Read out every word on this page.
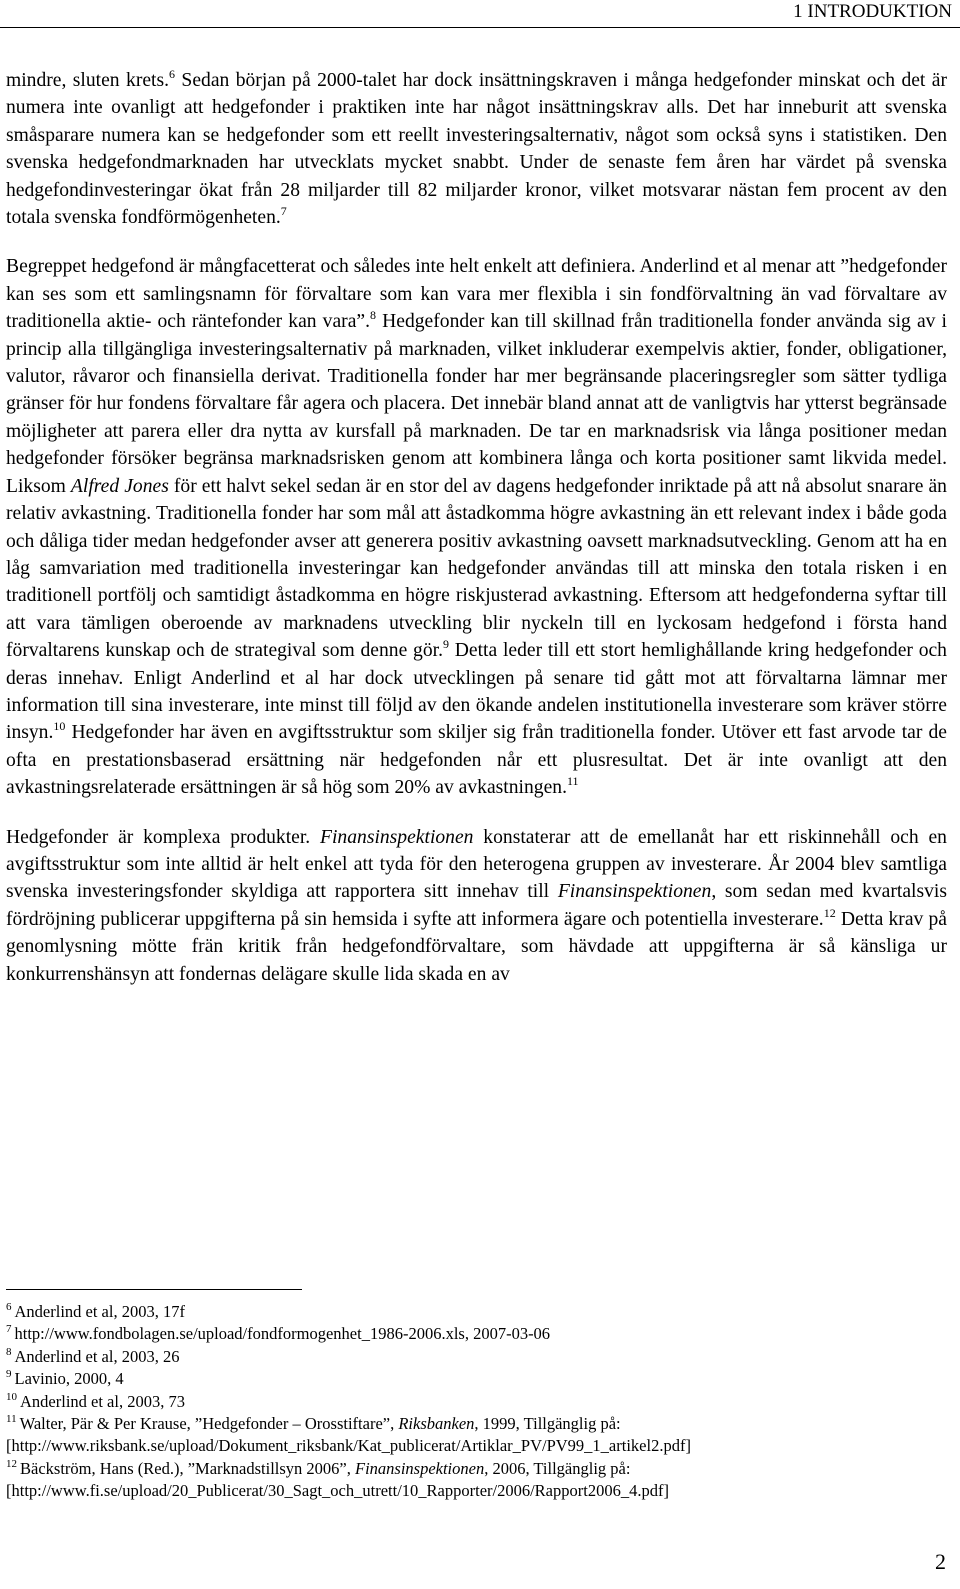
1 INTRODUKTION

mindre, sluten krets.$^6$ Sedan början på 2000-talet har dock insättningskraven i många hedgefonder minskat och det är numera inte ovanligt att hedgefonder i praktiken inte har något insättningskrav alls. Det har inneburit att svenska småsparare numera kan se hedgefonder som ett reellt investeringsalternativ, något som också syns i statistiken. Den svenska hedgefondmarknaden har utvecklats mycket snabbt. Under de senaste fem åren har värdet på svenska hedgefondinvesteringar ökat från 28 miljarder till 82 miljarder kronor, vilket motsvarar nästan fem procent av den totala svenska fondförmögenheten.$^7$

Begreppet hedgefond är mångfacetterat och således inte helt enkelt att definiera. Anderlind et al menar att ”hedgefonder kan ses som ett samlingsnamn för förvaltare som kan vara mer flexibla i sin fondförvaltning än vad förvaltare av traditionella aktie- och räntefonder kan vara”.$^8$ Hedgefonder kan till skillnad från traditionella fonder använda sig av i princip alla tillgängliga investeringsalternativ på marknaden, vilket inkluderar exempelvis aktier, fonder, obligationer, valutor, råvaror och finansiella derivat. Traditionella fonder har mer begränsande placeringsregler som sätter tydliga gränser för hur fondens förvaltare får agera och placera. Det innebär bland annat att de vanligtvis har ytterst begränsade möjligheter att parera eller dra nytta av kursfall på marknaden. De tar en marknadsrisk via långa positioner medan hedgefonder försöker begränsa marknadsrisken genom att kombinera långa och korta positioner samt likvida medel. Liksom Alfred Jones för ett halvt sekel sedan är en stor del av dagens hedgefonder inriktade på att nå absolut snarare än relativ avkastning. Traditionella fonder har som mål att åstadkomma högre avkastning än ett relevant index i både goda och dåliga tider medan hedgefonder avser att generera positiv avkastning oavsett marknadsutveckling. Genom att ha en låg samvariation med traditionella investeringar kan hedgefonder användas till att minska den totala risken i en traditionell portfölj och samtidigt åstadkomma en högre riskjusterad avkastning. Eftersom att hedgefonderna syftar till att vara tämligen oberoende av marknadens utveckling blir nyckeln till en lyckosam hedgefond i första hand förvaltarens kunskap och de strategival som denne gör.$^9$ Detta leder till ett stort hemlighållande kring hedgefonder och deras innehav. Enligt Anderlind et al har dock utvecklingen på senare tid gått mot att förvaltarna lämnar mer information till sina investerare, inte minst till följd av den ökande andelen institutionella investerare som kräver större insyn.$^{10}$ Hedgefonder har även en avgiftsstruktur som skiljer sig från traditionella fonder. Utöver ett fast arvode tar de ofta en prestationsbaserad ersättning när hedgefonden når ett plusresultat. Det är inte ovanligt att den avkastningsrelaterade ersättningen är så hög som 20% av avkastningen.$^{11}$

Hedgefonder är komplexa produkter. Finansinspektionen konstaterar att de emellanåt har ett riskinnehåll och en avgiftsstruktur som inte alltid är helt enkel att tyda för den heterogena gruppen av investerare. År 2004 blev samtliga svenska investeringsfonder skyldiga att rapportera sitt innehav till Finansinspektionen, som sedan med kvartalsvis fördröjning publicerar uppgifterna på sin hemsida i syfte att informera ägare och potentiella investerare.$^{12}$ Detta krav på genomlysning mötte frän kritik från hedgefondförvaltare, som hävdade att uppgifterna är så känsliga ur konkurrenshänsyn att fondernas delägare skulle lida skada en av

$^6$ Anderlind et al, 2003, 17f

$^7$ http://www.fondbolagen.se/upload/fondformogenhet_1986-2006.xls, 2007-03-06

$^8$ Anderlind et al, 2003, 26

$^9$ Lavinio, 2000, 4

$^{10}$ Anderlind et al, 2003, 73

$^{11}$ Walter, Pär & Per Krause, ”Hedgefonder – Orosstiftare”, Riksbanken, 1999, Tillgänglig på:

[http://www.riksbank.se/upload/Dokument_riksbank/Kat_publicerat/Artiklar_PV/PV99_1_artikel2.pdf]

$^{12}$ Bäckström, Hans (Red.), ”Marknadstillsyn 2006”, Finansinspektionen, 2006, Tillgänglig på:

[http://www.fi.se/upload/20_Publicerat/30_Sagt_och_utrett/10_Rapporter/2006/Rapport2006_4.pdf]

2
